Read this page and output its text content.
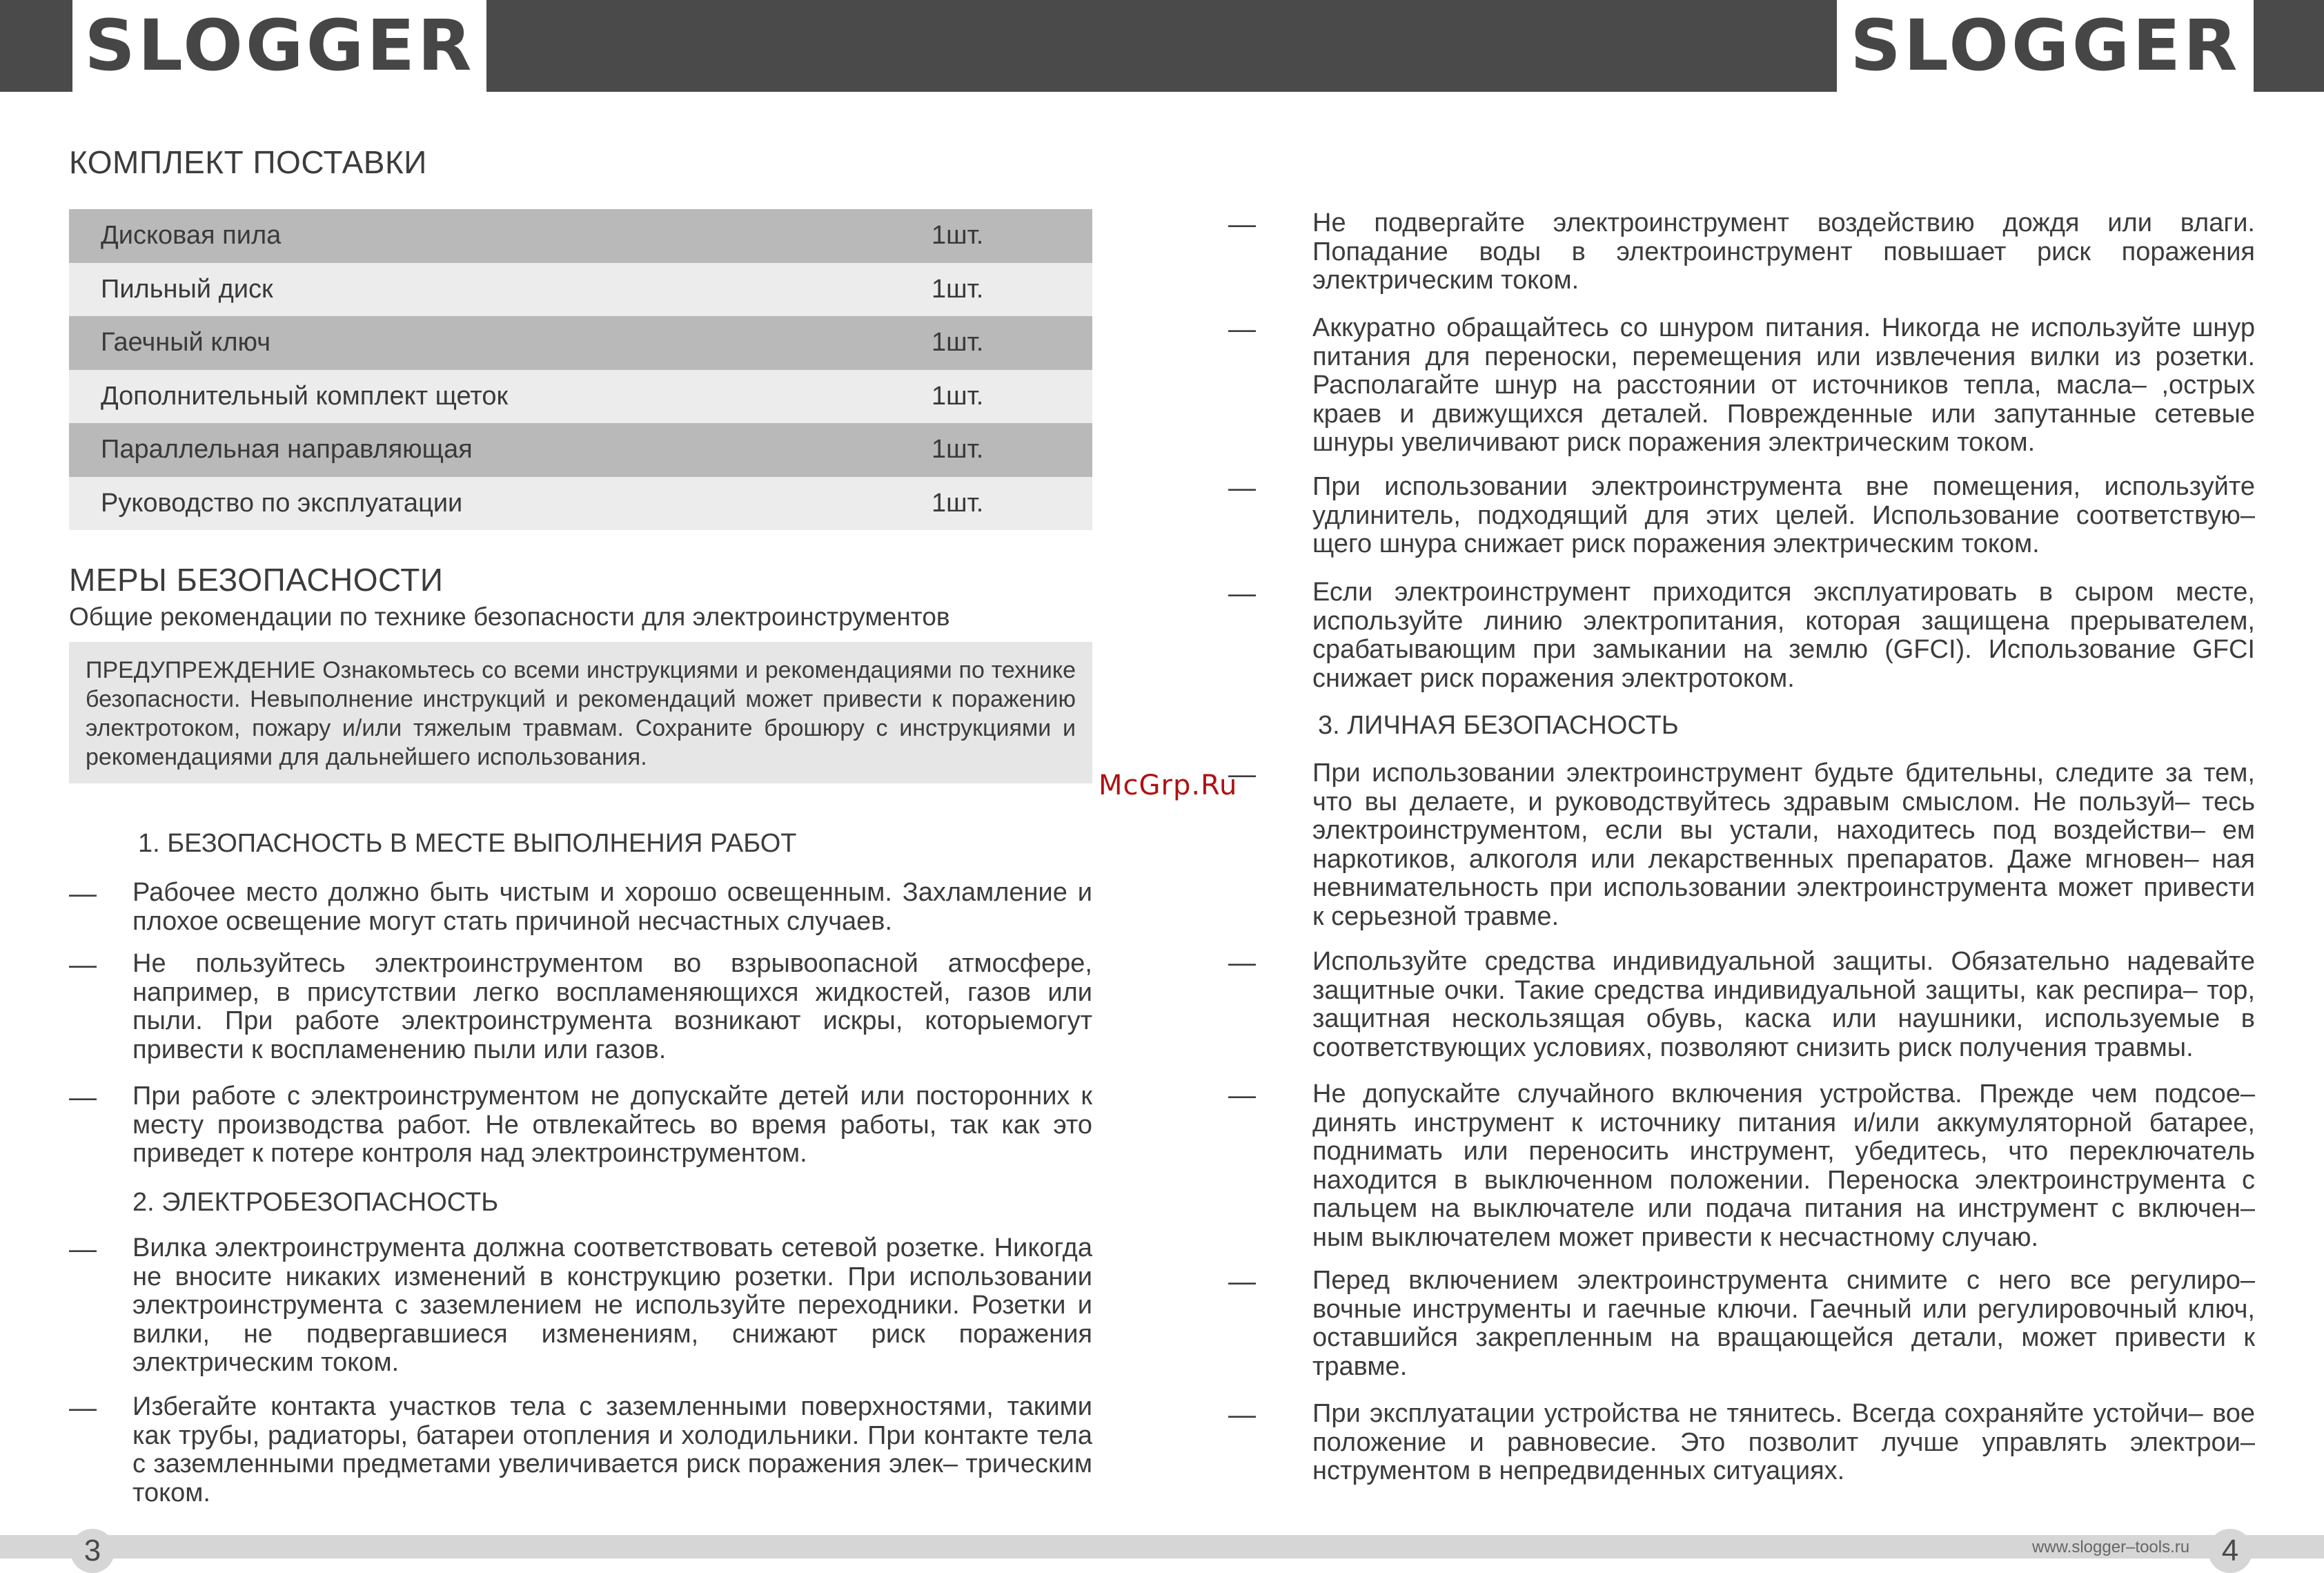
SLOGGER	SLOGGER
КОМПЛЕКТ ПОСТАВКИ
Дисковая пила	1шт.
Пильный диск	1шт.
Гаечный ключ	1шт.
Дополнительный комплект щеток	1шт.
Параллельная направляющая	1шт.
Руководство по эксплуатации	1шт.
МЕРЫ БЕЗОПАСНОСТИ
Общие рекомендации по технике безопасности для электроинструментов
ПРЕДУПРЕЖДЕНИЕ Ознакомьтесь со всеми инструкциями и рекомендациями по технике безопасности. Невыполнение инструкций и рекомендаций может привести к поражению электротоком, пожару и/или тяжелым травмам. Сохраните брошюру с инструкциями и рекомендациями для дальнейшего использования.
1. БЕЗОПАСНОСТЬ В МЕСТЕ ВЫПОЛНЕНИЯ РАБОТ
— Рабочее место должно быть чистым и хорошо освещенным. Захламление и плохое освещение могут стать причиной несчастных случаев.
— Не пользуйтесь электроинструментом во взрывоопасной атмосфере, например, в присутствии легко воспламеняющихся жидкостей, газов или пыли. При работе электроинструмента возникают искры, которыемогут привести к воспламенению пыли или газов.
— При работе с электроинструментом не допускайте детей или посторонних к месту производства работ. Не отвлекайтесь во время работы, так как это приведет к потере контроля над электроинструментом.
2. ЭЛЕКТРОБЕЗОПАСНОСТЬ
— Вилка электроинструмента должна соответствовать сетевой розетке. Никогда не вносите никаких изменений в конструкцию розетки. При использовании электроинструмента с заземлением не используйте переходники. Розетки и вилки, не подвергавшиеся изменениям, снижают риск поражения электрическим током.
— Избегайте контакта участков тела с заземленными поверхностями, такими как трубы, радиаторы, батареи отопления и холодильники. При контакте тела с заземленными предметами увеличивается риск поражения элек– трическим током.
McGrp.Ru
— Не подвергайте электроинструмент воздействию дождя или влаги. Попадание воды в электроинструмент повышает риск поражения электрическим током.
— Аккуратно обращайтесь со шнуром питания. Никогда не используйте шнур питания для переноски, перемещения или извлечения вилки из розетки. Располагайте шнур на расстоянии от источников тепла, масла– ,острых краев и движущихся деталей. Поврежденные или запутанные сетевые шнуры увеличивают риск поражения электрическим током.
— При использовании электроинструмента вне помещения, используйте удлинитель, подходящий для этих целей. Использование соответствую– щего шнура снижает риск поражения электрическим током.
— Если электроинструмент приходится эксплуатировать в сыром месте, используйте линию электропитания, которая защищена прерывателем, срабатывающим при замыкании на землю (GFCI). Использование GFCI снижает риск поражения электротоком.
3. ЛИЧНАЯ БЕЗОПАСНОСТЬ
— При использовании электроинструмент будьте бдительны, следите за тем, что вы делаете, и руководствуйтесь здравым смыслом. Не пользуй– тесь электроинструментом, если вы устали, находитесь под воздействи– ем наркотиков, алкоголя или лекарственных препаратов. Даже мгновен– ная невнимательность при использовании электроинструмента может привести к серьезной травме.
— Используйте средства индивидуальной защиты. Обязательно надевайте защитные очки. Такие средства индивидуальной защиты, как респира– тор, защитная нескользящая обувь, каска или наушники, используемые в соответствующих условиях, позволяют снизить риск получения травмы.
— Не допускайте случайного включения устройства. Прежде чем подсое– динять инструмент к источнику питания и/или аккумуляторной батарее, поднимать или переносить инструмент, убедитесь, что переключатель находится в выключенном положении. Переноска электроинструмента с пальцем на выключателе или подача питания на инструмент с включен– ным выключателем может привести к несчастному случаю.
— Перед включением электроинструмента снимите с него все регулиро– вочные инструменты и гаечные ключи. Гаечный или регулировочный ключ, оставшийся закрепленным на вращающейся детали, может привести к травме.
— При эксплуатации устройства не тянитесь. Всегда сохраняйте устойчи– вое положение и равновесие. Это позволит лучше управлять электрои– нструментом в непредвиденных ситуациях.
3	www.slogger–tools.ru	4
